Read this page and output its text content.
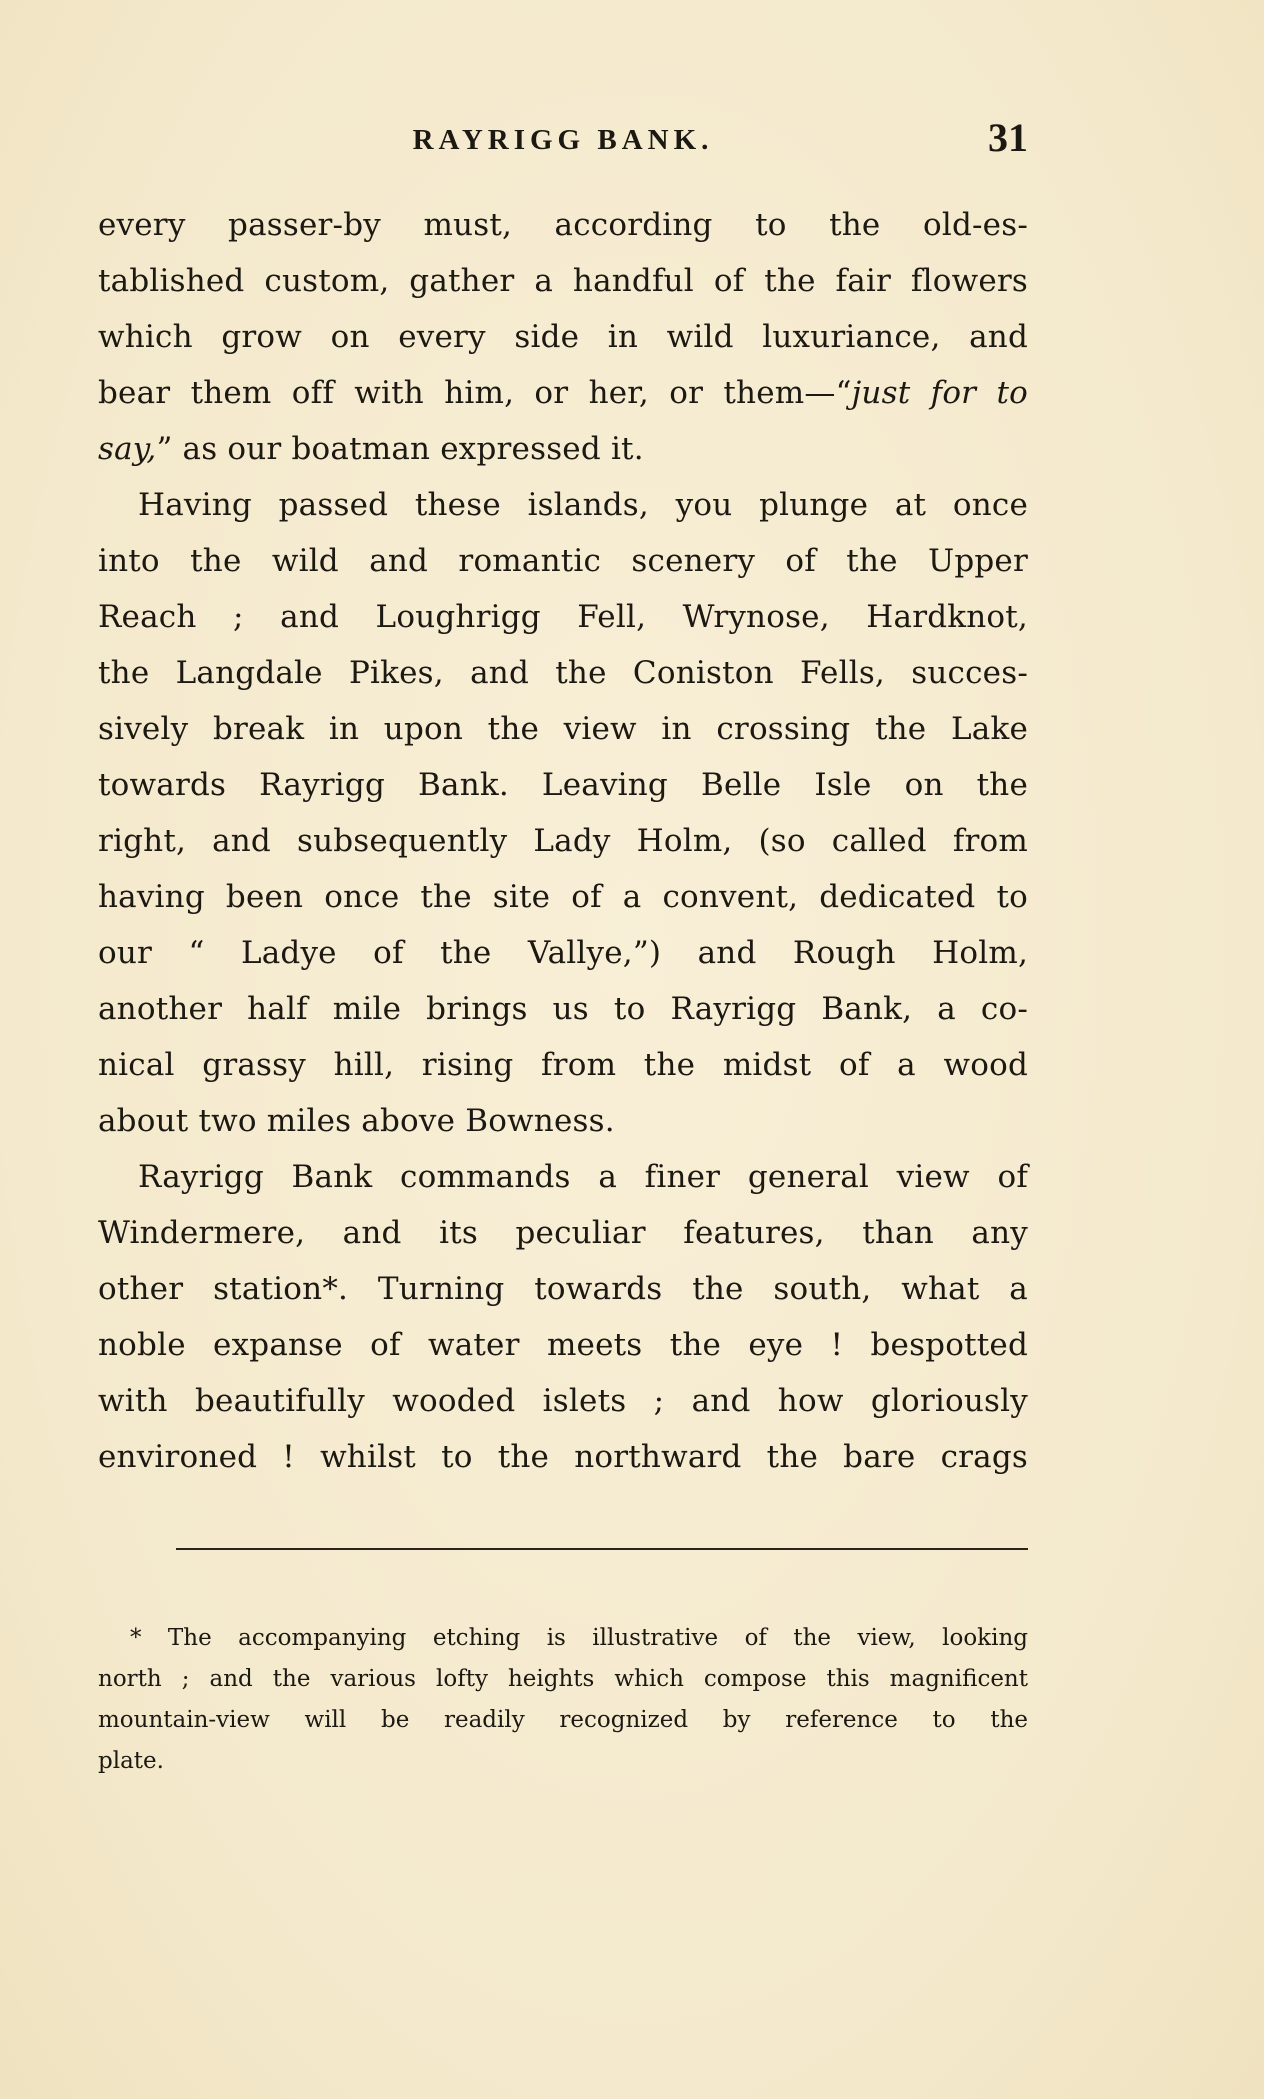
RAYRIGG BANK.	31
every passer-by must, according to the old-es-
tablished custom, gather a handful of the fair flowers
which grow on every side in wild luxuriance, and
bear them off with him, or her, or them—“just for to
say,” as our boatman expressed it.
Having passed these islands, you plunge at once
into the wild and romantic scenery of the Upper
Reach ; and Loughrigg Fell, Wrynose, Hardknot,
the Langdale Pikes, and the Coniston Fells, succes-
sively break in upon the view in crossing the Lake
towards Rayrigg Bank. Leaving Belle Isle on the
right, and subsequently Lady Holm, (so called from
having been once the site of a convent, dedicated to
our “ Ladye of the Vallye,”) and Rough Holm,
another half mile brings us to Rayrigg Bank, a co-
nical grassy hill, rising from the midst of a wood
about two miles above Bowness.
Rayrigg Bank commands a finer general view of
Windermere, and its peculiar features, than any
other station*. Turning towards the south, what a
noble expanse of water meets the eye ! bespotted
with beautifully wooded islets ; and how gloriously
environed ! whilst to the northward the bare crags
* The accompanying etching is illustrative of the view, looking
north ; and the various lofty heights which compose this magnificent
mountain-view will be readily recognized by reference to the
plate.
